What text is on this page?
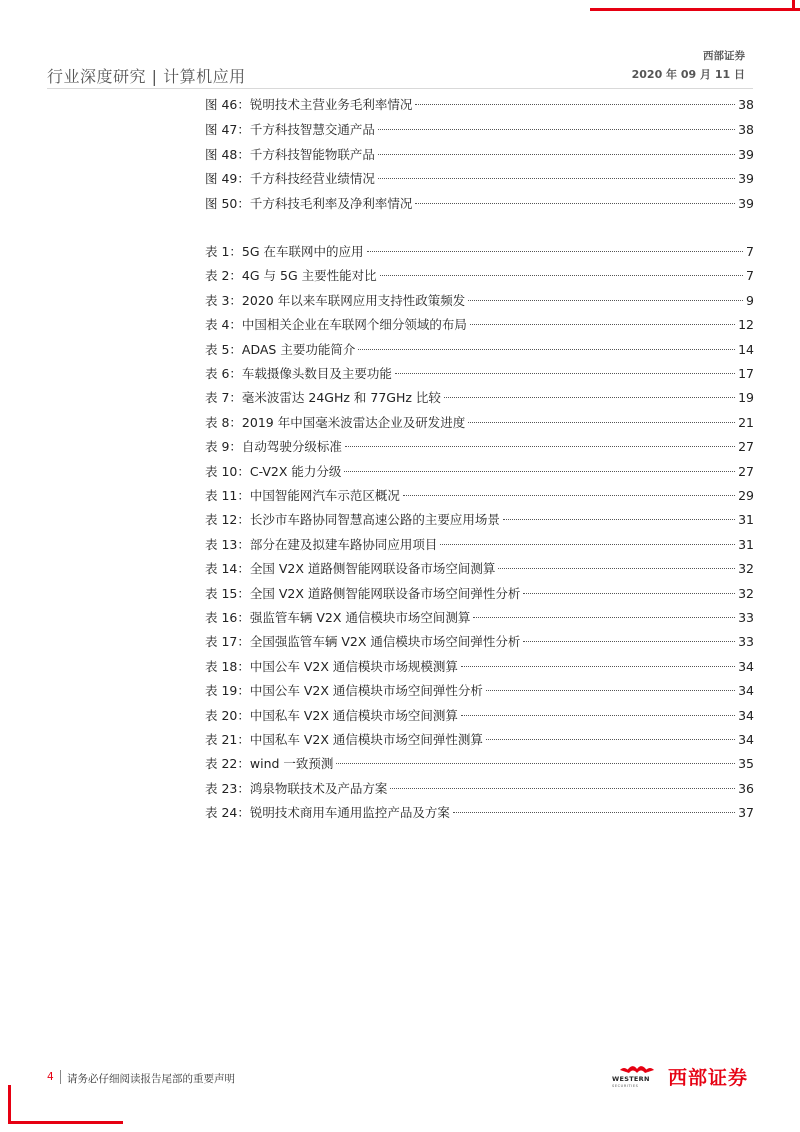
行业深度研究 | 计算机应用
西部证券
2020 年 09 月 11 日
图 46：锐明技术主营业务毛利率情况	38
图 47：千方科技智慧交通产品	38
图 48：千方科技智能物联产品	39
图 49：千方科技经营业绩情况	39
图 50：千方科技毛利率及净利率情况	39
表 1：5G 在车联网中的应用	7
表 2：4G 与 5G 主要性能对比	7
表 3：2020 年以来车联网应用支持性政策频发	9
表 4：中国相关企业在车联网个细分领域的布局	12
表 5：ADAS 主要功能简介	14
表 6：车载摄像头数目及主要功能	17
表 7：毫米波雷达 24GHz 和 77GHz 比较	19
表 8：2019 年中国毫米波雷达企业及研发进度	21
表 9：自动驾驶分级标准	27
表 10：C-V2X 能力分级	27
表 11：中国智能网汽车示范区概况	29
表 12：长沙市车路协同智慧高速公路的主要应用场景	31
表 13：部分在建及拟建车路协同应用项目	31
表 14：全国 V2X 道路侧智能网联设备市场空间测算	32
表 15：全国 V2X 道路侧智能网联设备市场空间弹性分析	32
表 16：强监管车辆 V2X 通信模块市场空间测算	33
表 17：全国强监管车辆 V2X 通信模块市场空间弹性分析	33
表 18：中国公车 V2X 通信模块市场规模测算	34
表 19：中国公车 V2X 通信模块市场空间弹性分析	34
表 20：中国私车 V2X 通信模块市场空间测算	34
表 21：中国私车 V2X 通信模块市场空间弹性测算	34
表 22：wind 一致预测	35
表 23：鸿泉物联技术及产品方案	36
表 24：锐明技术商用车通用监控产品及方案	37
4 请务必仔细阅读报告尾部的重要声明	WESTERN
SECURITIES 西部证券
